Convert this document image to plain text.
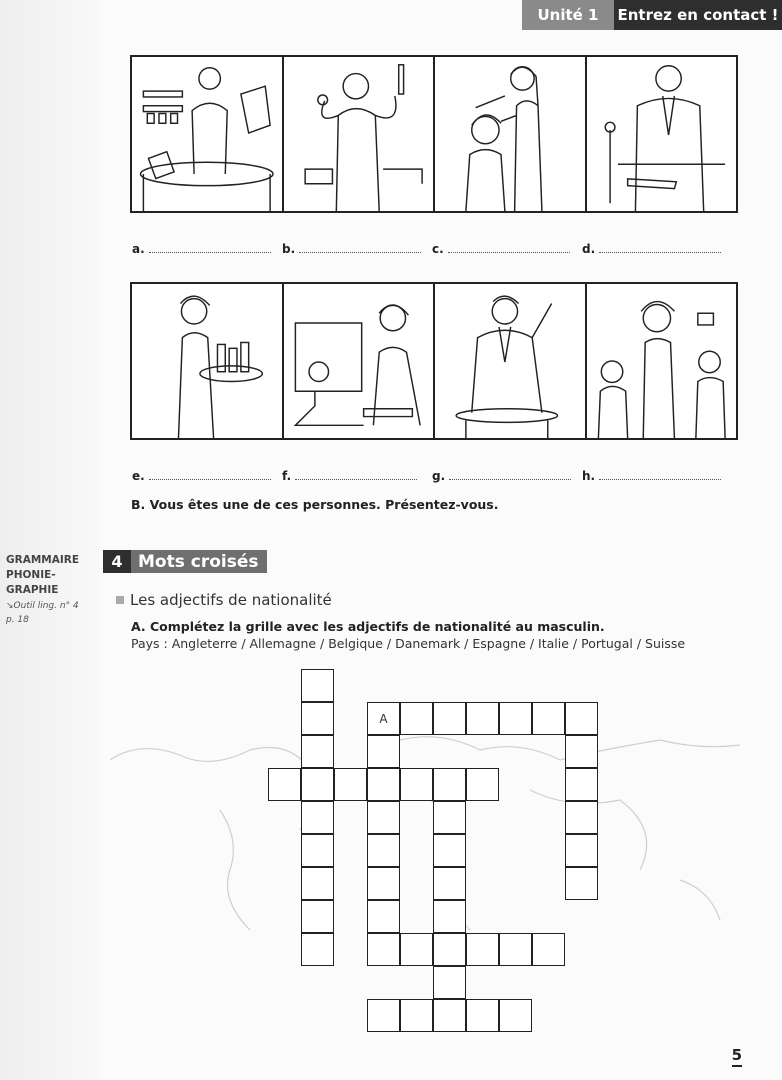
Unité 1	Entrez en contact !
a.	b.	c.	d.
e.	f.	g.	h.
B. Vous êtes une de ces personnes. Présentez-vous.
GRAMMAIRE
PHONIE-
GRAPHIE
↘Outil ling. n° 4
p. 18
4 Mots croisés
Les adjectifs de nationalité
A. Complétez la grille avec les adjectifs de nationalité au masculin.
Pays : Angleterre / Allemagne / Belgique / Danemark / Espagne / Italie / Portugal / Suisse
A
5
